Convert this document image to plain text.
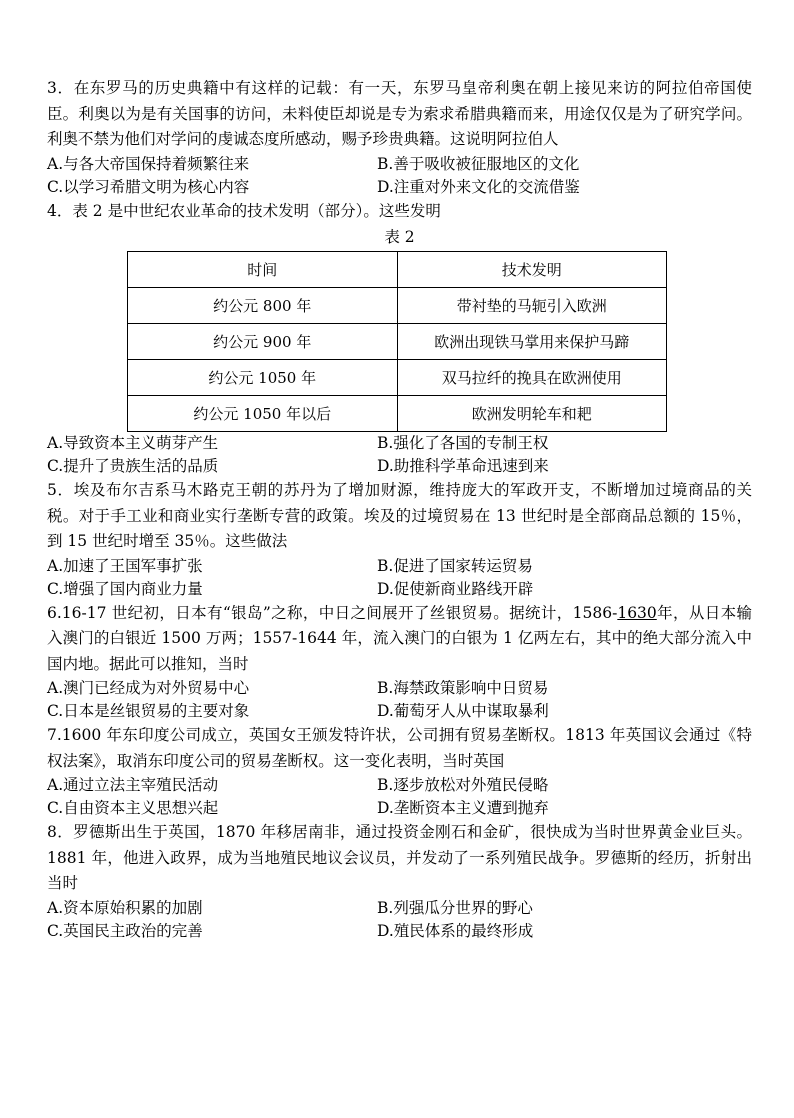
3．在东罗马的历史典籍中有这样的记载：有一天，东罗马皇帝利奥在朝上接见来访的阿拉伯帝国使臣。利奥以为是有关国事的访问，未料使臣却说是专为索求希腊典籍而来，用途仅仅是为了研究学问。利奥不禁为他们对学问的虔诚态度所感动，赐予珍贵典籍。这说明阿拉伯人

A.与各大帝国保持着频繁往来	B.善于吸收被征服地区的文化
C.以学习希腊文明为核心内容	D.注重对外来文化的交流借鉴

4．表 2 是中世纪农业革命的技术发明（部分）。这些发明

表 2
时间	技术发明
约公元 800 年	带衬垫的马轭引入欧洲
约公元 900 年	欧洲出现铁马掌用来保护马蹄
约公元 1050 年	双马拉纤的挽具在欧洲使用
约公元 1050 年以后	欧洲发明轮车和耙
A.导致资本主义萌芽产生	B.强化了各国的专制王权
C.提升了贵族生活的品质	D.助推科学革命迅速到来

5．埃及布尔吉系马木路克王朝的苏丹为了增加财源，维持庞大的军政开支，不断增加过境商品的关税。对于手工业和商业实行垄断专营的政策。埃及的过境贸易在 13 世纪时是全部商品总额的 15％，到 15 世纪时增至 35％。这些做法

A.加速了王国军事扩张	B.促进了国家转运贸易
C.增强了国内商业力量	D.促使新商业路线开辟

6.16-17 世纪初，日本有“银岛”之称，中日之间展开了丝银贸易。据统计，1586-1630年，从日本输入澳门的白银近 1500 万两；1557-1644 年，流入澳门的白银为 1 亿两左右，其中的绝大部分流入中国内地。据此可以推知，当时

A.澳门已经成为对外贸易中心	B.海禁政策影响中日贸易
C.日本是丝银贸易的主要对象	D.葡萄牙人从中谋取暴利

7.1600 年东印度公司成立，英国女王颁发特许状，公司拥有贸易垄断权。1813 年英国议会通过《特权法案》，取消东印度公司的贸易垄断权。这一变化表明，当时英国

A.通过立法主宰殖民活动	B.逐步放松对外殖民侵略
C.自由资本主义思想兴起	D.垄断资本主义遭到抛弃

8．罗德斯出生于英国，1870 年移居南非，通过投资金刚石和金矿，很快成为当时世界黄金业巨头。1881 年，他进入政界，成为当地殖民地议会议员，并发动了一系列殖民战争。罗德斯的经历，折射出当时

A.资本原始积累的加剧	B.列强瓜分世界的野心
C.英国民主政治的完善	D.殖民体系的最终形成
